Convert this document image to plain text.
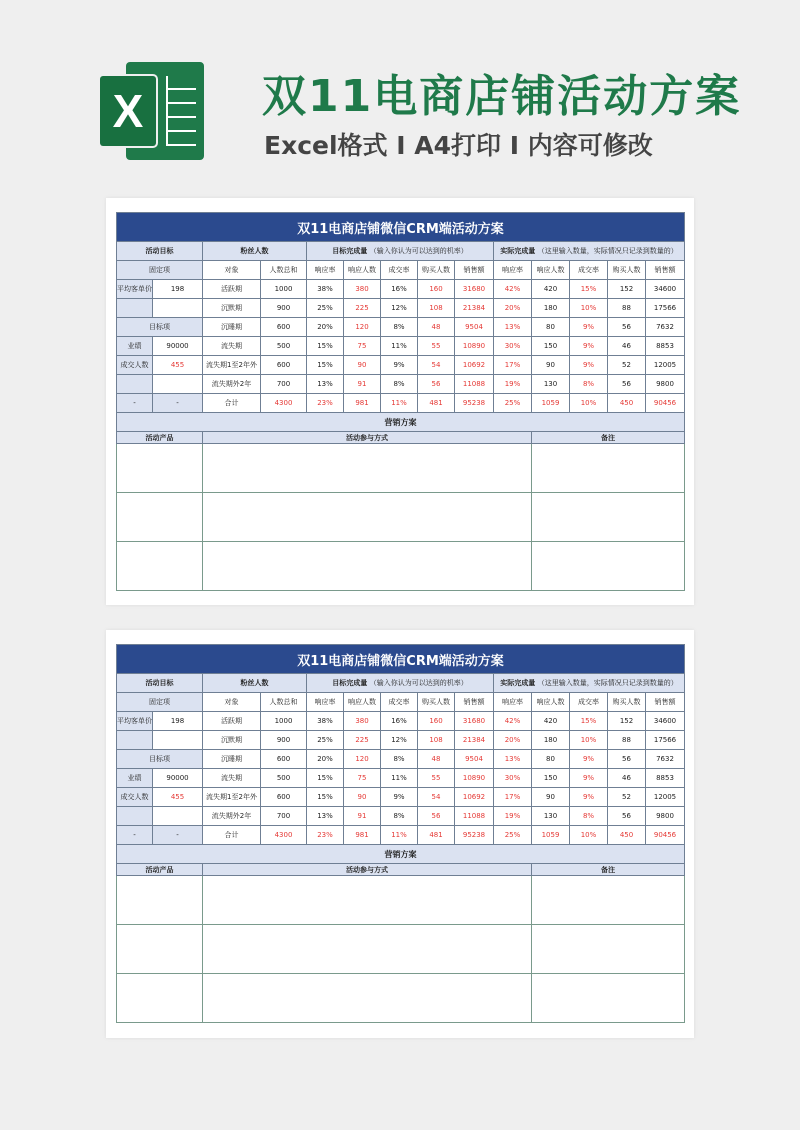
X	双11电商店铺活动方案
Excel格式 I A4打印 I 内容可修改
双11电商店铺微信CRM端活动方案													
活动目标		粉丝人数		目标完成量 （输入你认为可以达到的机率）					实际完成量 （这里输入数量，实际情况只记录到数量的）				
固定项		对象	人数总和	响应率	响应人数	成交率	购买人数	销售额	响应率	响应人数	成交率	购买人数	销售额
平均客单价	198	活跃期	1000	38%	380	16%	160	31680	42%	420	15%	152	34600
		沉默期	900	25%	225	12%	108	21384	20%	180	10%	88	17566
目标项		沉睡期	600	20%	120	8%	48	9504	13%	80	9%	56	7632
业绩	90000	流失期	500	15%	75	11%	55	10890	30%	150	9%	46	8853
成交人数	455	流失期1至2年外	600	15%	90	9%	54	10692	17%	90	9%	52	12005
		流失期外2年	700	13%	91	8%	56	11088	19%	130	8%	56	9800
-	-	合计	4300	23%	981	11%	481	95238	25%	1059	10%	450	90456
营销方案													
活动产品		活动参与方式								备注			

双11电商店铺微信CRM端活动方案													
活动目标		粉丝人数		目标完成量 （输入你认为可以达到的机率）					实际完成量 （这里输入数量，实际情况只记录到数量的）				
固定项		对象	人数总和	响应率	响应人数	成交率	购买人数	销售额	响应率	响应人数	成交率	购买人数	销售额
平均客单价	198	活跃期	1000	38%	380	16%	160	31680	42%	420	15%	152	34600
		沉默期	900	25%	225	12%	108	21384	20%	180	10%	88	17566
目标项		沉睡期	600	20%	120	8%	48	9504	13%	80	9%	56	7632
业绩	90000	流失期	500	15%	75	11%	55	10890	30%	150	9%	46	8853
成交人数	455	流失期1至2年外	600	15%	90	9%	54	10692	17%	90	9%	52	12005
		流失期外2年	700	13%	91	8%	56	11088	19%	130	8%	56	9800
-	-	合计	4300	23%	981	11%	481	95238	25%	1059	10%	450	90456
营销方案													
活动产品		活动参与方式								备注			
